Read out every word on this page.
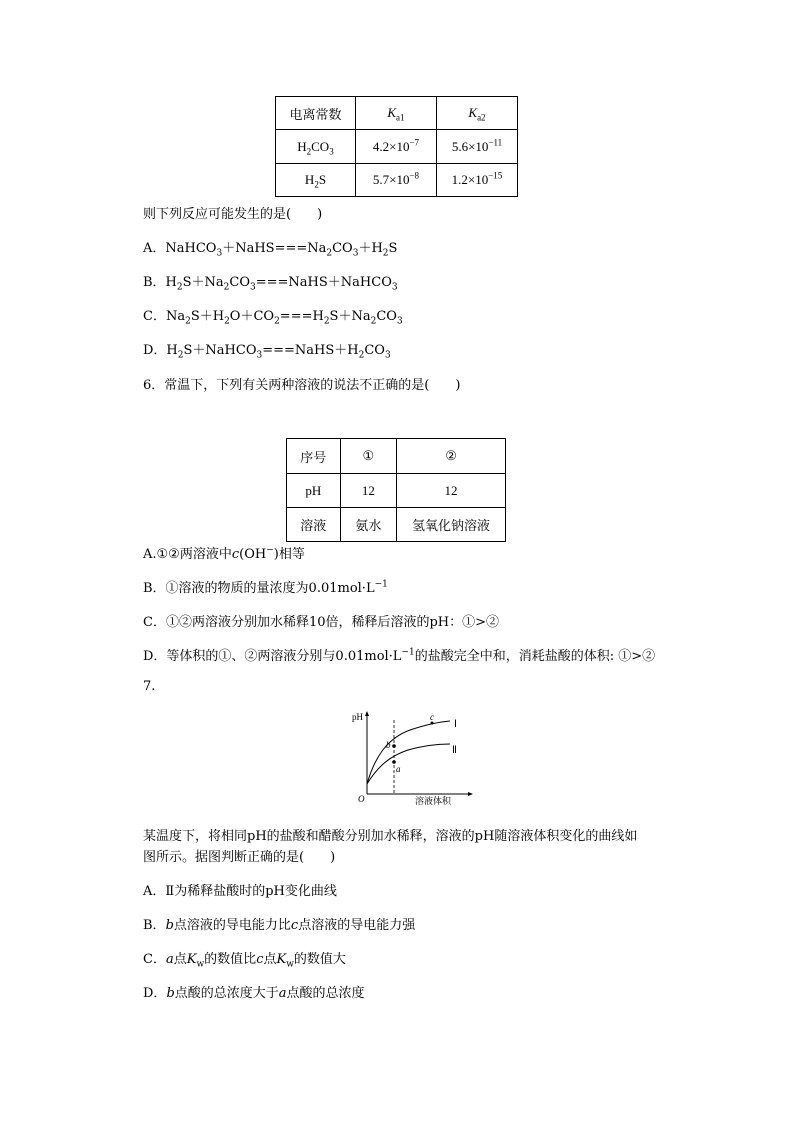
电离常数	$K_{a1}$	$K_{a2}$
$H_2CO_3$	$4.2\times 10^{-7}$	$5.6\times 10^{-11}$
$H_2S$	$5.7\times 10^{-8}$	$1.2\times 10^{-15}$
则下列反应可能发生的是(　　)
A．$NaHCO_3+NaHS===Na_2CO_3+H_2S$
B．$H_2S+Na_2CO_3===NaHS+NaHCO_3$
C．$Na_2S+H_2O+CO_2===H_2S+Na_2CO_3$
D．$H_2S+NaHCO_3===NaHS+H_2CO_3$
6．常温下，下列有关两种溶液的说法不正确的是(　　)
序号	①	②
pH	12	12
溶液	氨水	氢氧化钠溶液
A.①②两溶液中c(OH−)相等
B．①溶液的物质的量浓度为$0.01mol\cdot L^{-1}$
C．①②两溶液分别加水稀释10倍，稀释后溶液的pH：①>②
D．等体积的①、②两溶液分别与$0.01mol\cdot L^{-1}$的盐酸完全中和，消耗盐酸的体积: ①>②
7.
pH
溶液体积
O
Ⅰ
Ⅱ
a
b
c
某温度下，将相同pH的盐酸和醋酸分别加水稀释，溶液的pH随溶液体积变化的曲线如
图所示。据图判断正确的是(　　)
A．Ⅱ为稀释盐酸时的pH变化曲线
B．b点溶液的导电能力比c点溶液的导电能力强
C．a点$K_w$的数值比c点$K_w$的数值大
D．b点酸的总浓度大于a点酸的总浓度
